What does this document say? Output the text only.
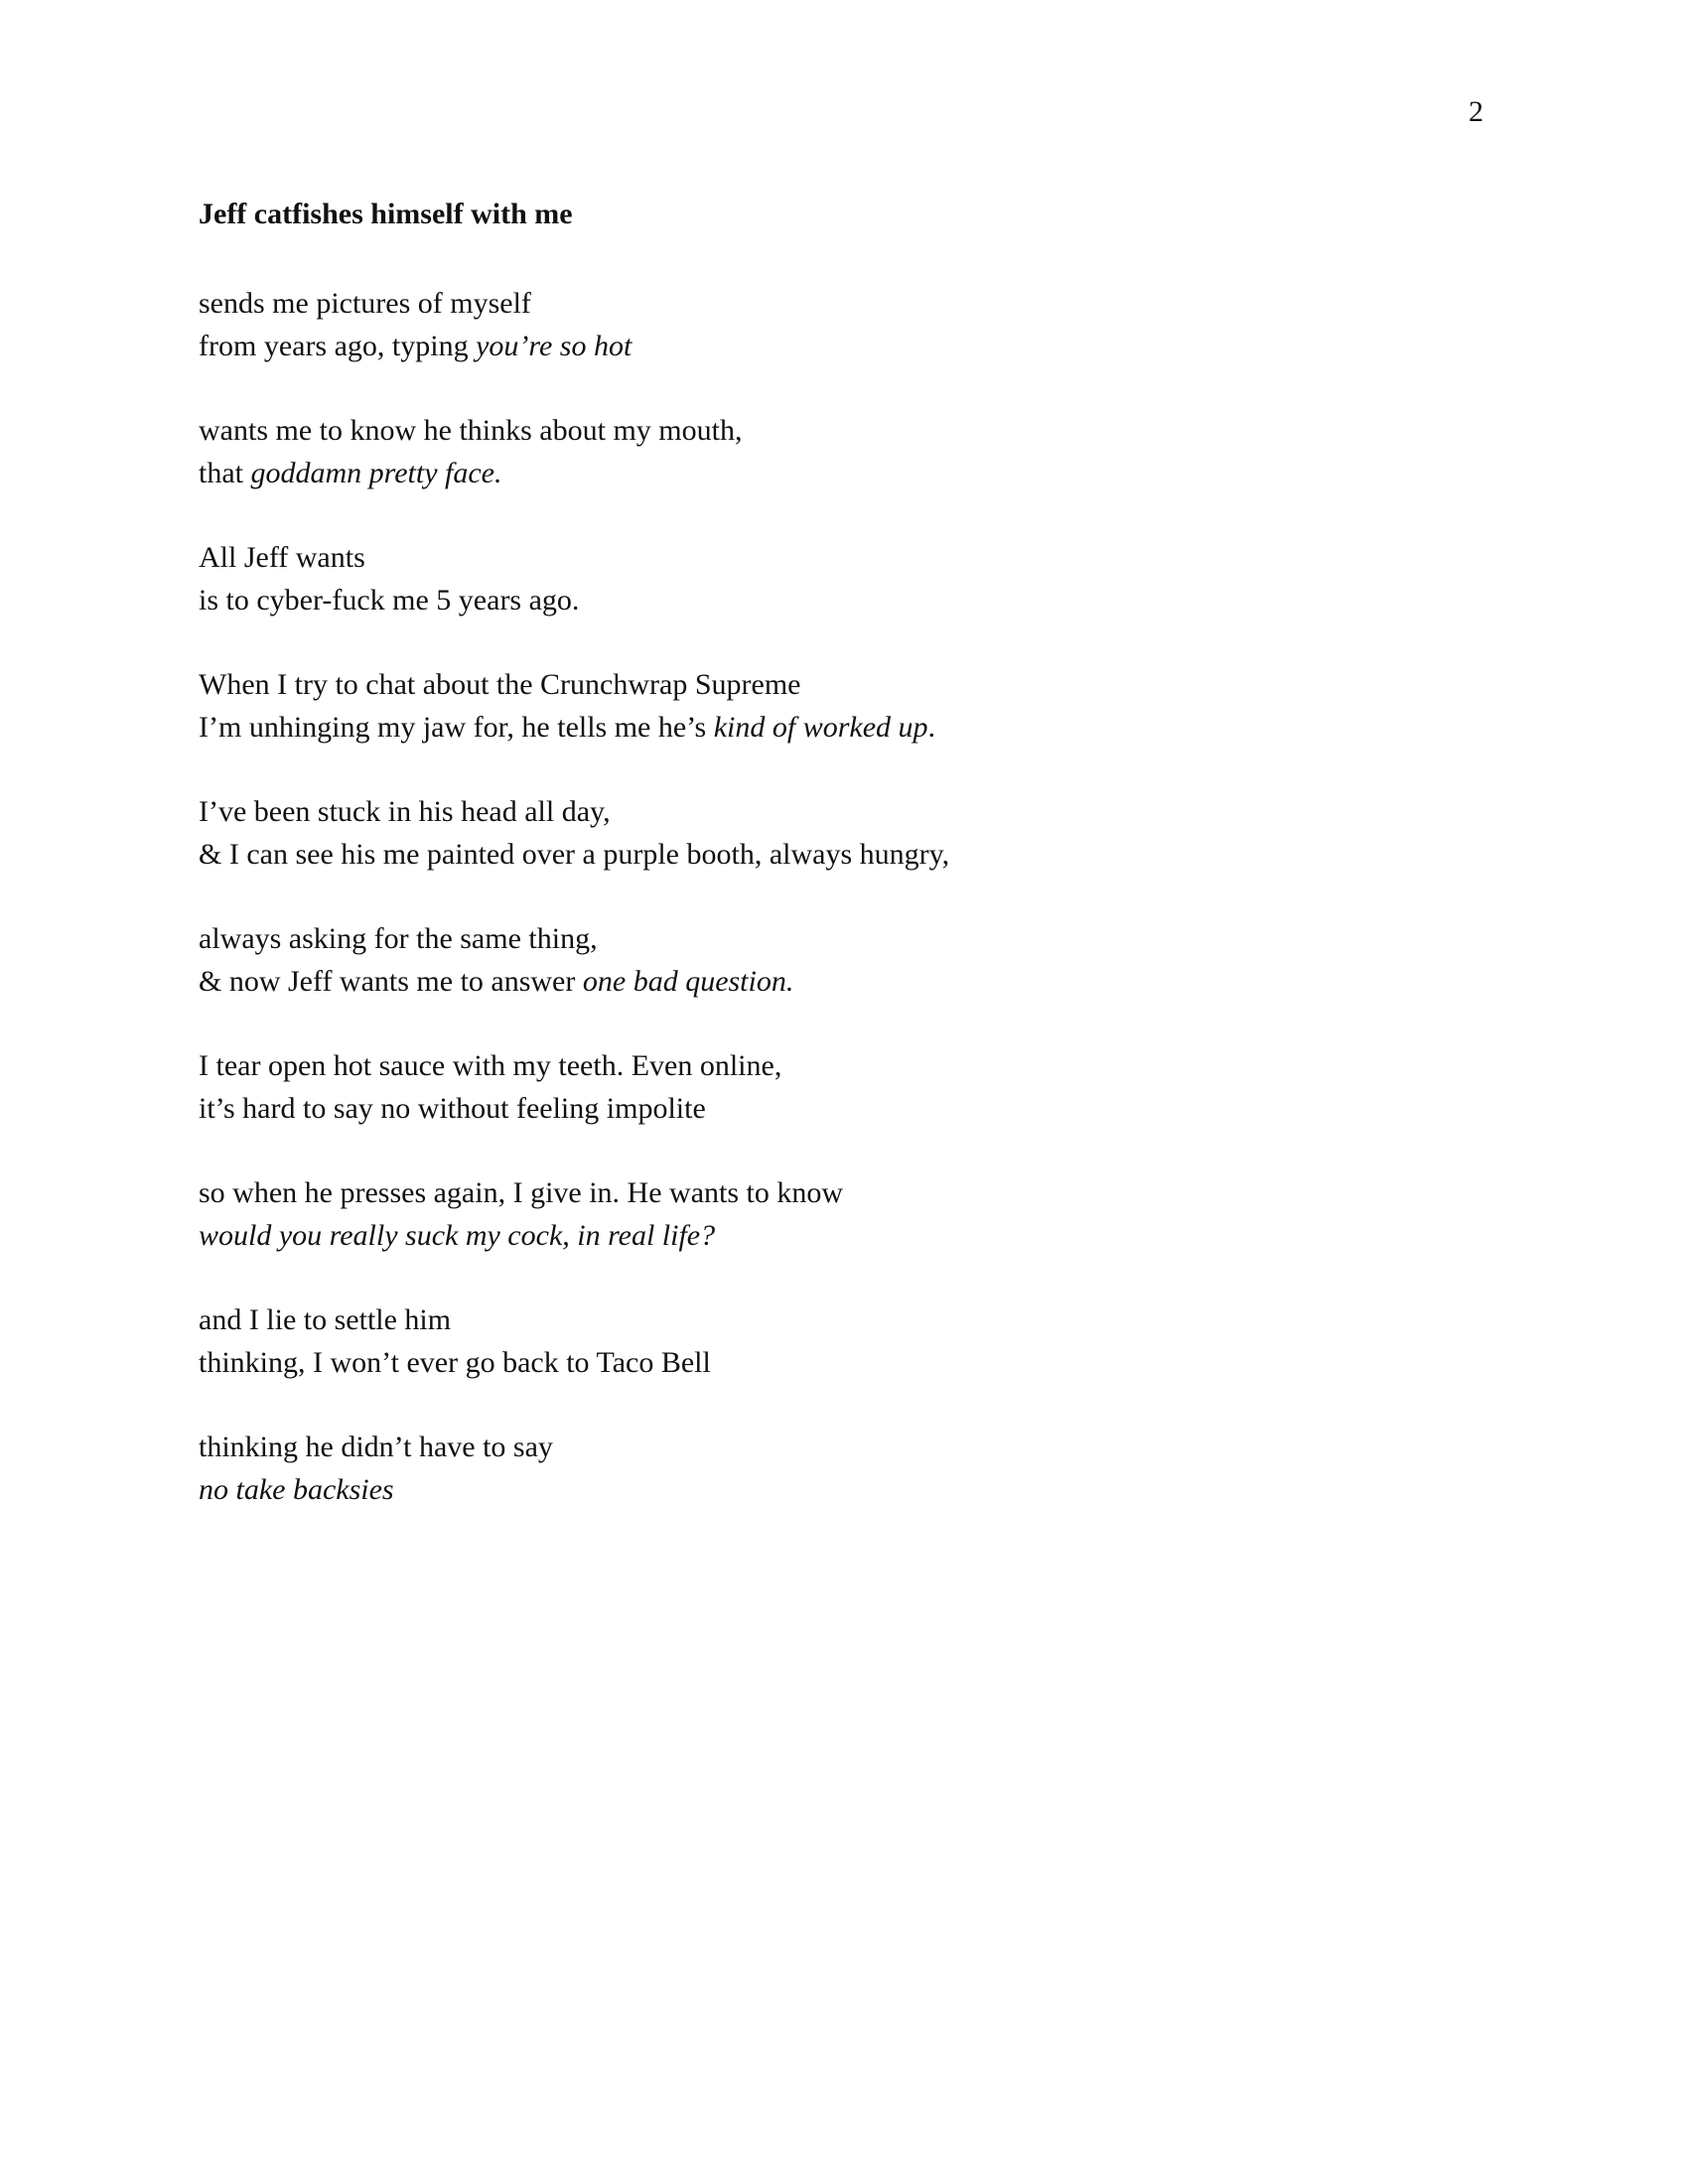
2
Jeff catfishes himself with me
sends me pictures of myself
from years ago, typing you’re so hot
wants me to know he thinks about my mouth,
that goddamn pretty face.
All Jeff wants
is to cyber-fuck me 5 years ago.
When I try to chat about the Crunchwrap Supreme
I’m unhinging my jaw for, he tells me he’s kind of worked up.
I’ve been stuck in his head all day,
& I can see his me painted over a purple booth, always hungry,
always asking for the same thing,
& now Jeff wants me to answer one bad question.
I tear open hot sauce with my teeth. Even online,
it’s hard to say no without feeling impolite
so when he presses again, I give in. He wants to know
would you really suck my cock, in real life?
and I lie to settle him
thinking, I won’t ever go back to Taco Bell
thinking he didn’t have to say
no take backsies
